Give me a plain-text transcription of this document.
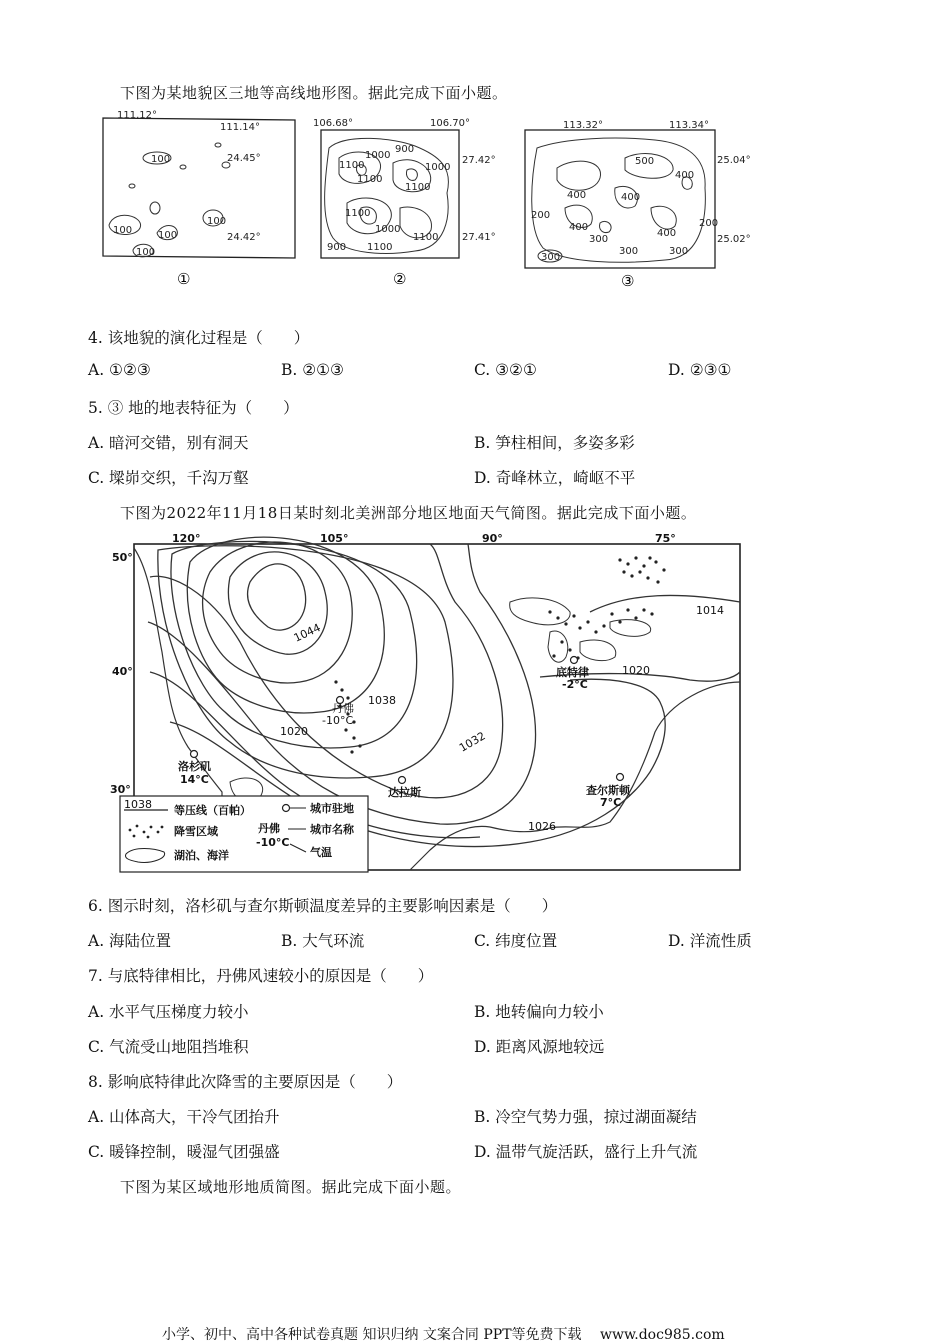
下图为某地貌区三地等高线地形图。据此完成下面小题。
111.12°
111.14°
24.45°
24.42°
100
100
100
100
100
①
106.68°	106.70°
27.42°
27.41°
1100
1000
900
1000
1100
1100
1100
1000
1100
900 1100
②
113.32°	113.34°
25.04°
25.02°
500
400	400
400
400
300
400
300
300
200
200
300
③
4. 该地貌的演化过程是（　　）
A. ①②③	B. ②①③	C. ③②①	D. ②③①
5. ③ 地的地表特征为（　　）
A. 暗河交错，别有洞天	B. 笋柱相间，多姿多彩
C. 墚峁交织，千沟万壑	D. 奇峰林立，崎岖不平
下图为2022年11月18日某时刻北美洲部分地区地面天气简图。据此完成下面小题。
120°	105°	90°	75°
50°
40°
30°
1044
1038
1032
1026
1020
1020
1014
洛杉矶
14°C
丹佛
-10°C
达拉斯
底特律
-2°C
查尔斯顿
7°C
1038 等压线（百帕）
降雪区域
湖泊、海洋
城市驻地
丹佛	城市名称
-10°C
气温
6. 图示时刻，洛杉矶与查尔斯顿温度差异的主要影响因素是（　　）
A. 海陆位置	B. 大气环流	C. 纬度位置	D. 洋流性质
7. 与底特律相比，丹佛风速较小的原因是（　　）
A. 水平气压梯度力较小	B. 地转偏向力较小
C. 气流受山地阻挡堆积	D. 距离风源地较远
8. 影响底特律此次降雪的主要原因是（　　）
A. 山体高大，干冷气团抬升	B. 冷空气势力强，掠过湖面凝结
C. 暖锋控制，暖湿气团强盛	D. 温带气旋活跃，盛行上升气流
下图为某区域地形地质简图。据此完成下面小题。
小学、初中、高中各种试卷真题 知识归纳 文案合同 PPT等免费下载 www.doc985.com
